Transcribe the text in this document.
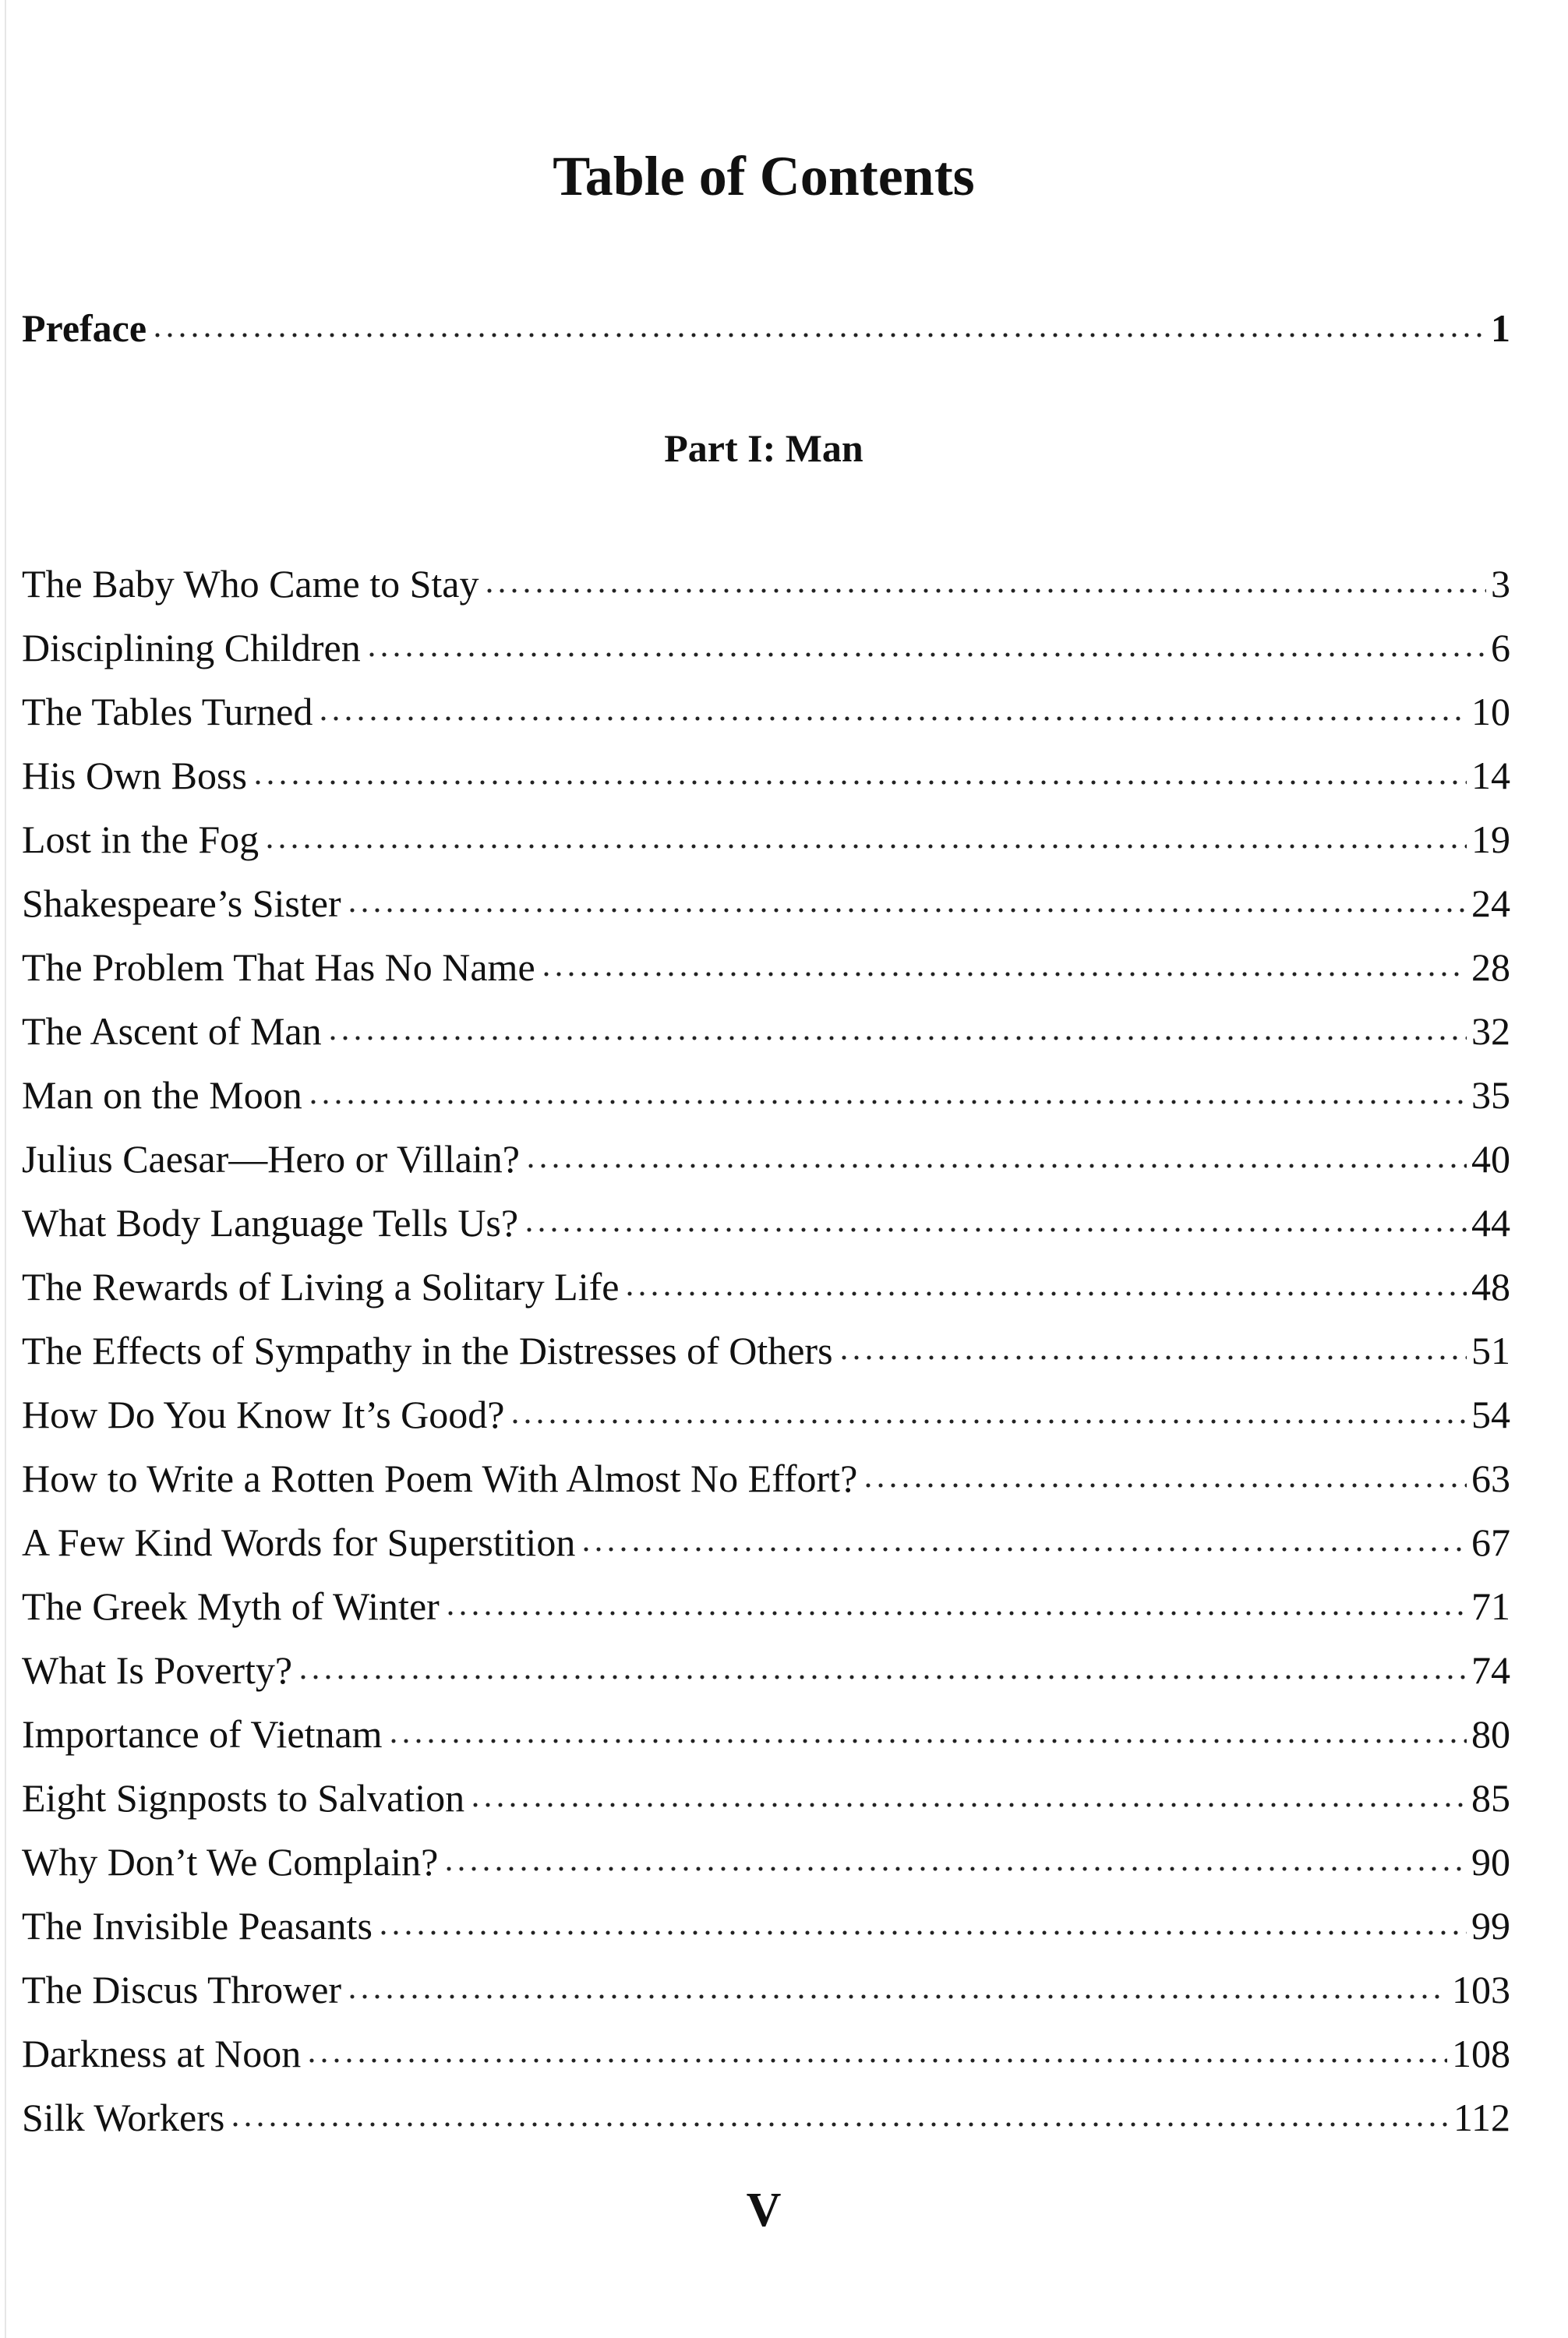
Table of Contents
Preface	1
Part I: Man
The Baby Who Came to Stay	3
Disciplining Children	6
The Tables Turned	10
His Own Boss	14
Lost in the Fog	19
Shakespeare’s Sister	24
The Problem That Has No Name	28
The Ascent of Man	32
Man on the Moon	35
Julius Caesar—Hero or Villain?	40
What Body Language Tells Us?	44
The Rewards of Living a Solitary Life	48
The Effects of Sympathy in the Distresses of Others	51
How Do You Know It’s Good?	54
How to Write a Rotten Poem With Almost No Effort?	63
A Few Kind Words for Superstition	67
The Greek Myth of Winter	71
What Is Poverty?	74
Importance of Vietnam	80
Eight Signposts to Salvation	85
Why Don’t We Complain?	90
The Invisible Peasants	99
The Discus Thrower	103
Darkness at Noon	108
Silk Workers	112
V
